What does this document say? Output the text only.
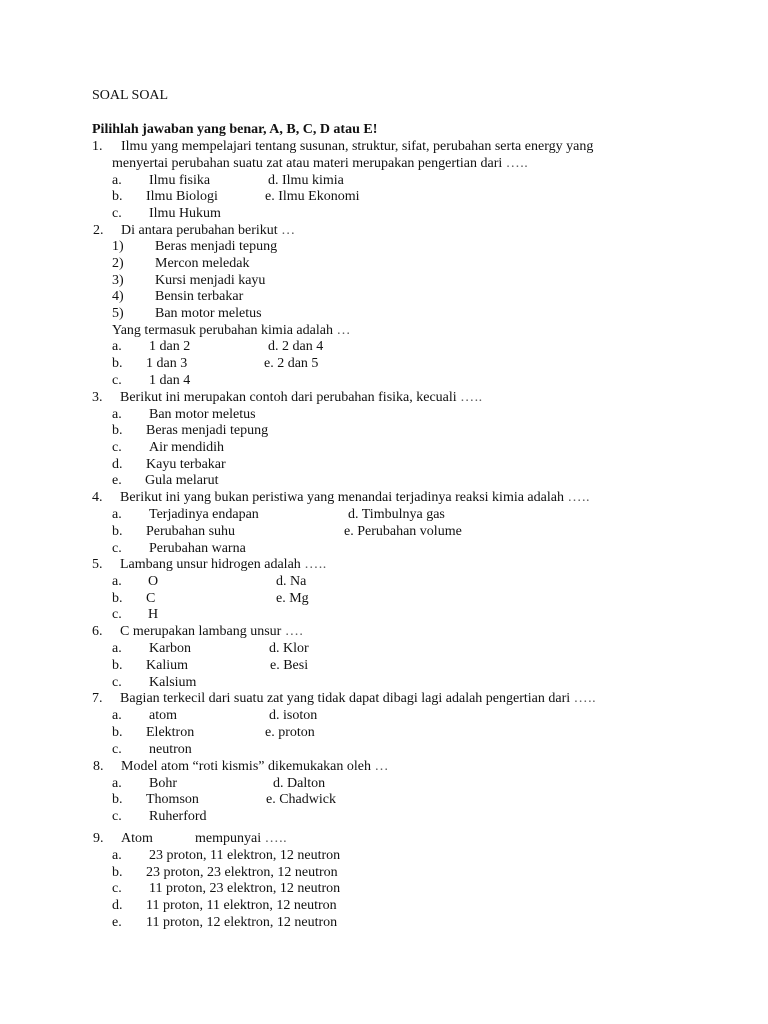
SOAL SOAL
Pilihlah jawaban yang benar, A, B, C, D atau E!
1. Ilmu yang mempelajari tentang susunan, struktur, sifat, perubahan serta energy yang
menyertai perubahan suatu zat atau materi merupakan pengertian dari …..
a. Ilmu fisika	d. Ilmu kimia
b. Ilmu Biologi	e. Ilmu Ekonomi
c. Ilmu Hukum
2. Di antara perubahan berikut …
1) Beras menjadi tepung
2) Mercon meledak
3) Kursi menjadi kayu
4) Bensin terbakar
5) Ban motor meletus
Yang termasuk perubahan kimia adalah …
a. 1 dan 2	d. 2 dan 4
b. 1 dan 3	e. 2 dan 5
c. 1 dan 4
3. Berikut ini merupakan contoh dari perubahan fisika, kecuali …..
a. Ban motor meletus
b. Beras menjadi tepung
c. Air mendidih
d. Kayu terbakar
e. Gula melarut
4. Berikut ini yang bukan peristiwa yang menandai terjadinya reaksi kimia adalah …..
a. Terjadinya endapan	d. Timbulnya gas
b. Perubahan suhu	e. Perubahan volume
c. Perubahan warna
5. Lambang unsur hidrogen adalah …..
a. O	d. Na
b. C	e. Mg
c. H
6. C merupakan lambang unsur ….
a. Karbon	d. Klor
b. Kalium	e. Besi
c. Kalsium
7. Bagian terkecil dari suatu zat yang tidak dapat dibagi lagi adalah pengertian dari …..
a. atom	d. isoton
b. Elektron	e. proton
c. neutron
8. Model atom “roti kismis” dikemukakan oleh …
a. Bohr	d. Dalton
b. Thomson	e. Chadwick
c. Ruherford
9. Atom	mempunyai …..
a. 23 proton, 11 elektron, 12 neutron
b. 23 proton, 23 elektron, 12 neutron
c. 11 proton, 23 elektron, 12 neutron
d. 11 proton, 11 elektron, 12 neutron
e. 11 proton, 12 elektron, 12 neutron
